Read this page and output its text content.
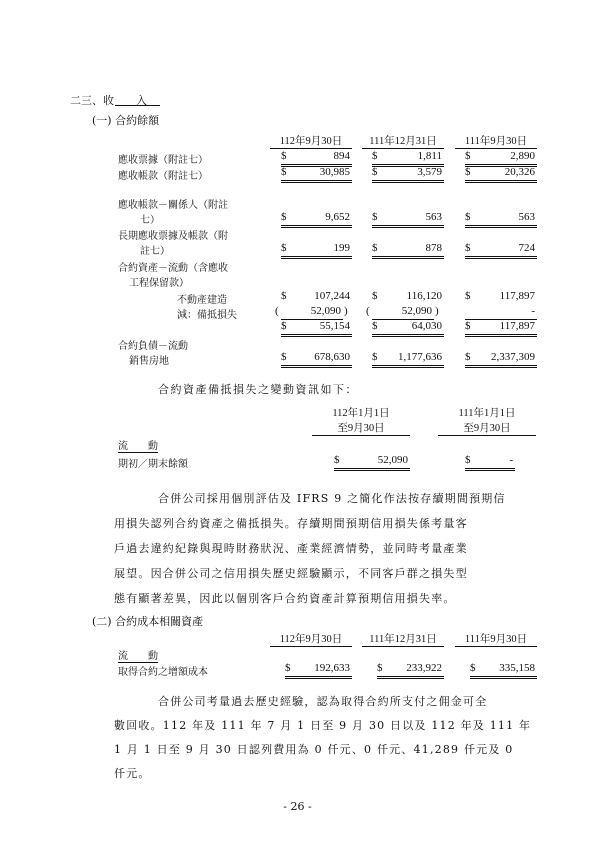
二三、收　　入
(一) 合約餘額
112年9月30日	111年12月31日	111年9月30日
應收票據（附註七）	$	894 $	1,811 $	2,890
應收帳款（附註七）	$	30,985 $	3,579 $	20,326
應收帳款－關係人（附註
七）	$	9,652 $	563 $	563
長期應收票據及帳款（附
註七）	$	199 $	878 $	724
合約資產－流動（含應收
工程保留款）
不動產建造	$	107,244 $	116,120 $	117,897
減：備抵損失	(	52,090 ) (	52,090 )	-
$	55,154 $	64,030 $	117,897
合約負債－流動
銷售房地	$	678,630 $ 1,177,636 $ 2,337,309
合約資產備抵損失之變動資訊如下：
112年1月1日
至9月30日
111年1月1日
至9月30日
流　　動
期初／期末餘額	$	52,090	$	-
合併公司採用個別評估及 IFRS 9 之簡化作法按存續期間預期信
用損失認列合約資產之備抵損失。存續期間預期信用損失係考量客
戶過去違約紀錄與現時財務狀況、產業經濟情勢，並同時考量產業
展望。因合併公司之信用損失歷史經驗顯示，不同客戶群之損失型
態有顯著差異，因此以個別客戶合約資產計算預期信用損失率。
(二) 合約成本相關資產
112年9月30日	111年12月31日	111年9月30日
流　　動
取得合約之增額成本	$ 192,633 $ 233,922	$ 335,158
合併公司考量過去歷史經驗，認為取得合約所支付之佣金可全
數回收。112 年及 111 年 7 月 1 日至 9 月 30 日以及 112 年及 111 年
1 月 1 日至 9 月 30 日認列費用為 0 仟元、0 仟元、41,289 仟元及 0
仟元。
- 26 -
